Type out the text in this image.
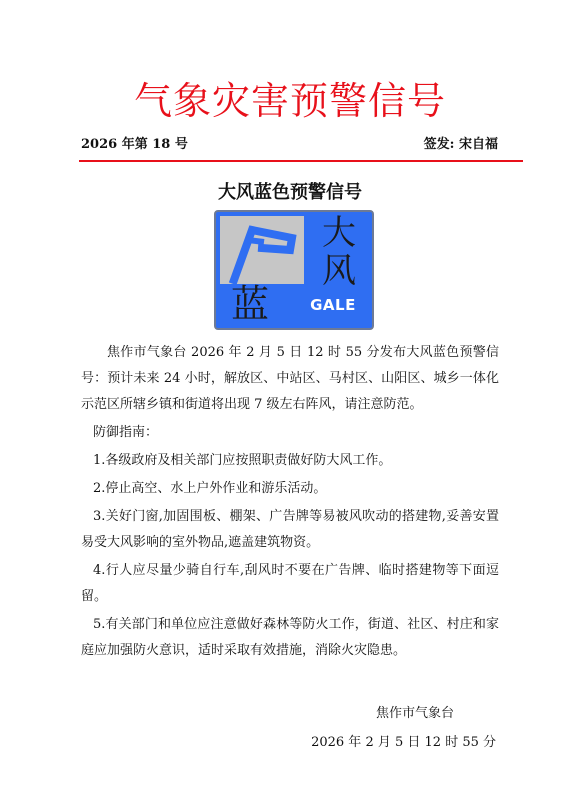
气象灾害预警信号
2026 年第 18 号	签发: 宋自福
大风蓝色预警信号
大
风
蓝	GALE

焦作市气象台 2026 年 2 月 5 日 12 时 55 分发布大风蓝色预警信号：预计未来 24 小时，解放区、中站区、马村区、山阳区、城乡一体化示范区所辖乡镇和街道将出现 7 级左右阵风，请注意防范。

防御指南：

1.各级政府及相关部门应按照职责做好防大风工作。

2.停止高空、水上户外作业和游乐活动。

3.关好门窗,加固围板、棚架、广告牌等易被风吹动的搭建物,妥善安置易受大风影响的室外物品,遮盖建筑物资。

4.行人应尽量少骑自行车,刮风时不要在广告牌、临时搭建物等下面逗留。

5.有关部门和单位应注意做好森林等防火工作，街道、社区、村庄和家庭应加强防火意识，适时采取有效措施，消除火灾隐患。

焦作市气象台
2026 年 2 月 5 日 12 时 55 分
